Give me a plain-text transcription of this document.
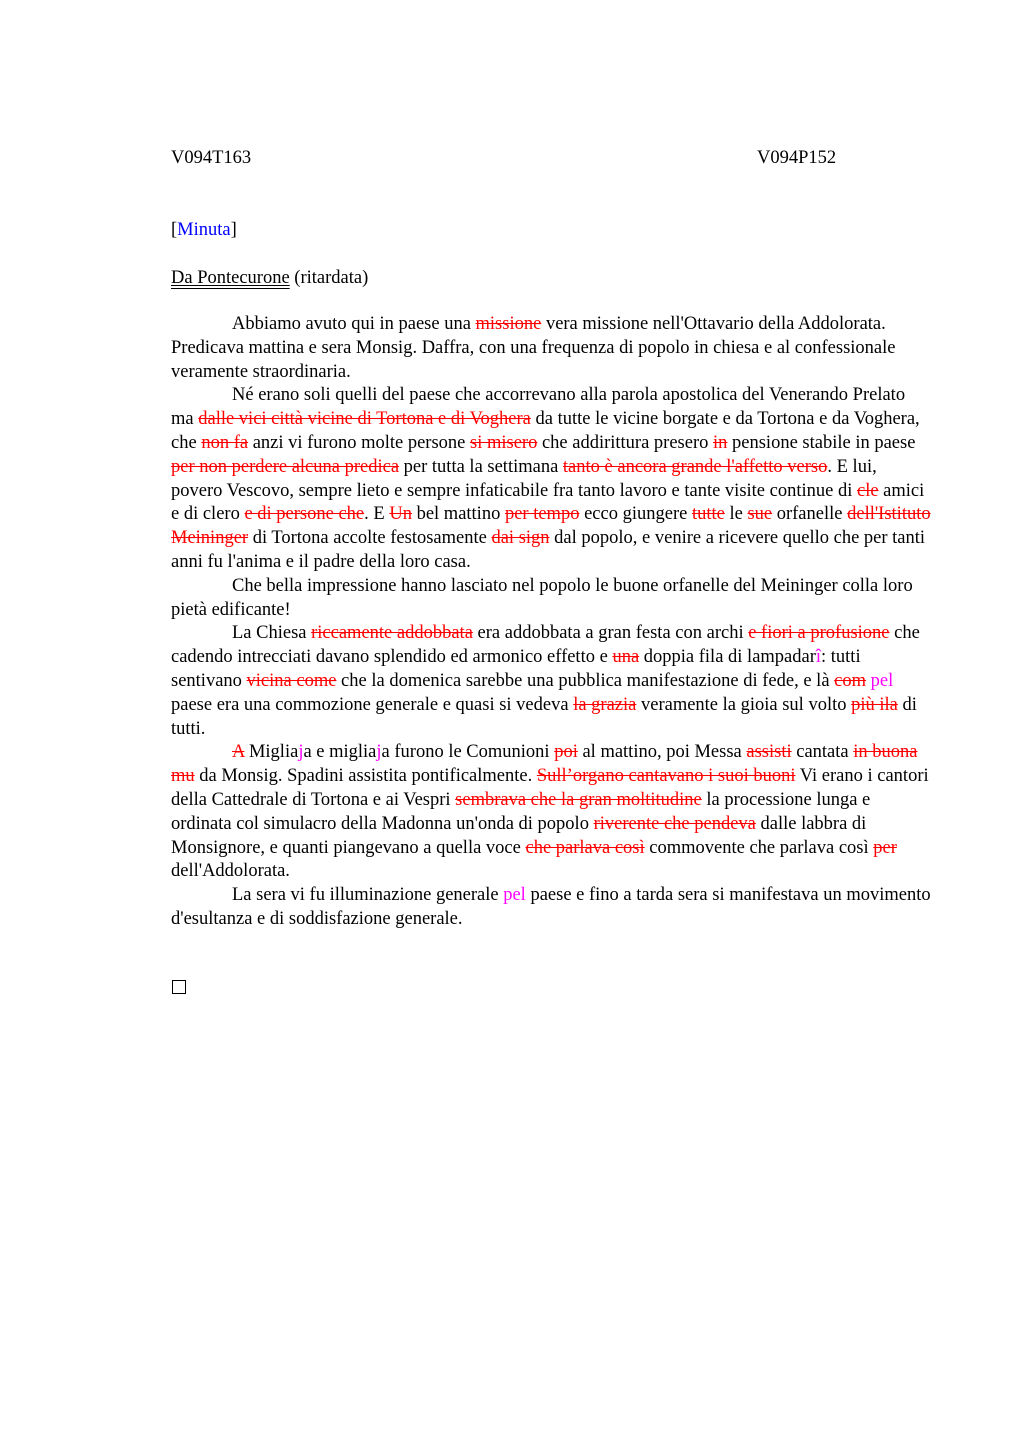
V094T163	V094P152
[Minuta]
Da Pontecurone (ritardata)

Abbiamo avuto qui in paese una missione vera missione nell'Ottavario della Addolorata. Predicava mattina e sera Monsig. Daffra, con una frequenza di popolo in chiesa e al confessionale veramente straordinaria.

Né erano soli quelli del paese che accorrevano alla parola apostolica del Venerando Prelato ma dalle vici città vicine di Tortona e di Voghera da tutte le vicine borgate e da Tortona e da Voghera, che non fa anzi vi furono molte persone si misero che addirittura presero in pensione stabile in paese per non perdere alcuna predica per tutta la settimana tanto è ancora grande l'affetto verso. E lui, povero Vescovo, sempre lieto e sempre infaticabile fra tanto lavoro e tante visite continue di cle amici e di clero e di persone che. E Un bel mattino per tempo ecco giungere tutte le sue orfanelle dell'Istituto Meininger di Tortona accolte festosamente dai sign dal popolo, e venire a ricevere quello che per tanti anni fu l'anima e il padre della loro casa.

Che bella impressione hanno lasciato nel popolo le buone orfanelle del Meininger colla loro pietà edificante!

La Chiesa riccamente addobbata era addobbata a gran festa con archi e fiori a profusione che cadendo intrecciati davano splendido ed armonico effetto e una doppia fila di lampadarî: tutti sentivano vicina come che la domenica sarebbe una pubblica manifestazione di fede, e là com pel paese era una commozione generale e quasi si vedeva la grazia veramente la gioia sul volto più ila di tutti.

A Migliaja e migliaja furono le Comunioni poi al mattino, poi Messa assisti cantata in buona mu da Monsig. Spadini assistita pontificalmente. Sull’organo cantavano i suoi buoni Vi erano i cantori della Cattedrale di Tortona e ai Vespri sembrava che la gran moltitudine la processione lunga e ordinata col simulacro della Madonna un'onda di popolo riverente che pendeva dalle labbra di Monsignore, e quanti piangevano a quella voce che parlava così commovente che parlava così per dell'Addolorata.

La sera vi fu illuminazione generale pel paese e fino a tarda sera si manifestava un movimento d'esultanza e di soddisfazione generale.
